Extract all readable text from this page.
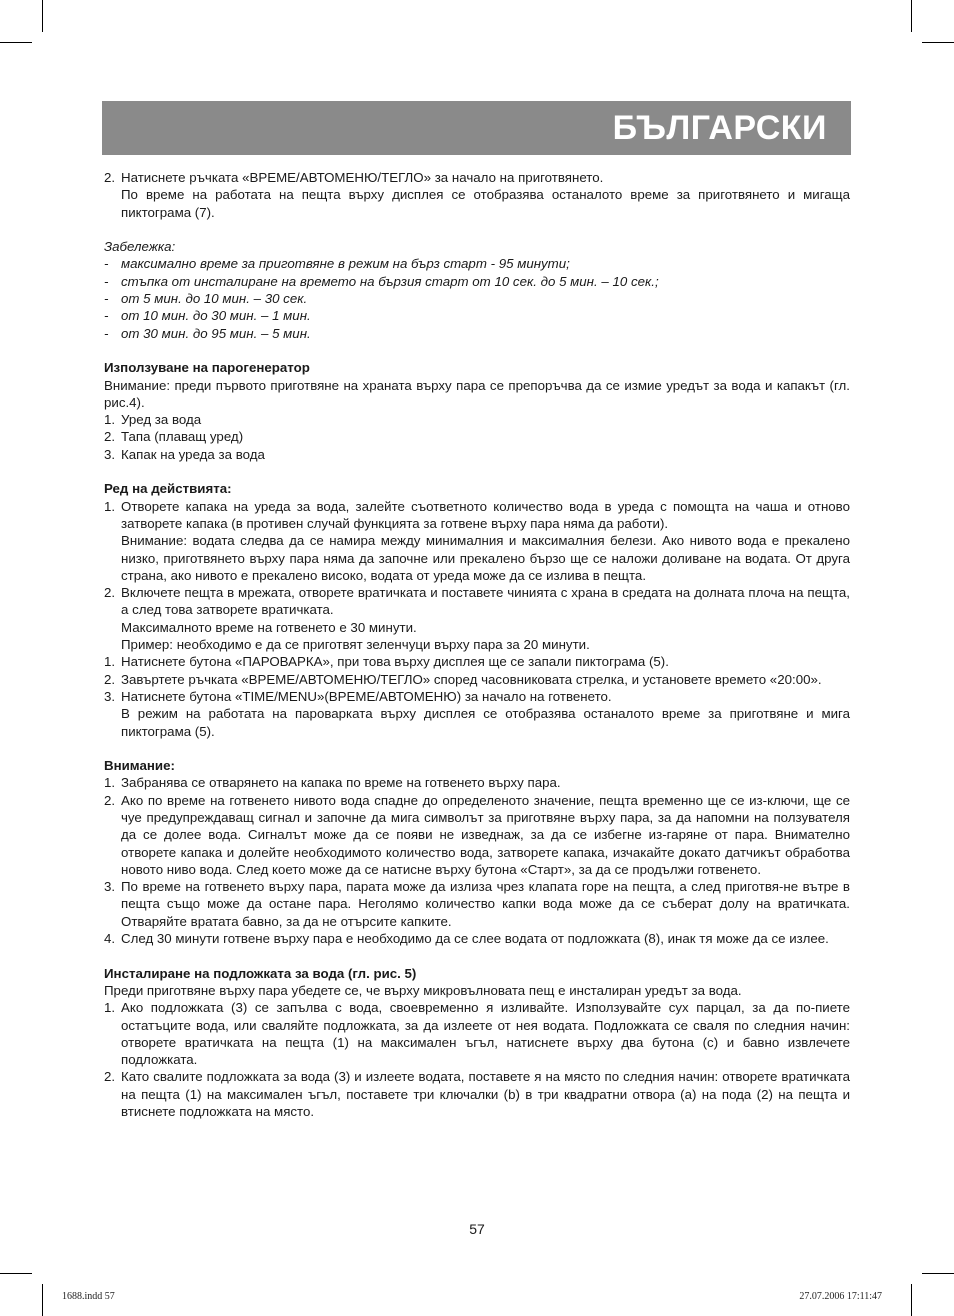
БЪЛГАРСКИ
2. Натиснете ръчката «ВРЕМЕ/АВТОМЕНЮ/ТЕГЛО» за начало на приготвянето.
По време на работата на пещта върху дисплея се отобразява останалото време за приготвянето и мигаща пиктограма (7).
Забележка:
- максимално време за приготвяне в режим на бърз старт - 95 минути;
- стъпка от инсталиране на времето на бързия старт от 10 сек. до 5 мин. – 10 сек.;
- от 5 мин. до 10 мин. – 30 сек.
- от 10 мин. до 30 мин. – 1 мин.
- от 30 мин. до 95 мин. – 5 мин.
Използуване на парогенератор
Внимание: преди първото приготвяне на храната върху пара се препоръчва да се измие уредът за вода и капакът (гл. рис.4).
1. Уред за вода
2. Тапа (плаващ уред)
3. Капак на уреда за вода
Ред на действията:
1. Отворете капака на уреда за вода, залейте съответното количество вода в уреда с помощта на чаша и отново затворете капака (в противен случай функцията за готвене върху пара няма да работи).
Внимание: водата следва да се намира между минималния и максималния белези. Ако нивото вода е прекалено низко, приготвянето върху пара няма да започне или прекалено бързо ще се наложи доливане на водата. От друга страна, ако нивото е прекалено високо, водата от уреда може да се излива в пещта.
2. Включете пещта в мрежата, отворете вратичката и поставете чинията с храна в средата на долната плоча на пещта, а след това затворете вратичката.
Максималното време на готвенето е 30 минути.
Пример: необходимо е да се приготвят зеленчуци върху пара за 20 минути.
1. Натиснете бутона «ПАРОВАРКА», при това върху дисплея ще се запали пиктограма (5).
2. Завъртете ръчката «ВРЕМЕ/АВТОМЕНЮ/ТЕГЛО» според часовниковата стрелка, и установете времето «20:00».
3. Натиснете бутона «TIME/MENU»(ВРЕМЕ/АВТОМЕНЮ) за начало на готвенето.
В режим на работата на пароварката върху дисплея се отобразява останалото време за приготвяне и мига пиктограма (5).
Внимание:
1. Забранява се отварянето на капака по време на готвенето върху пара.
2. Ако по време на готвенето нивото вода спадне до определеното значение, пещта временно ще се из-ключи, ще се чуе предупреждаващ сигнал и започне да мига символът за приготвяне върху пара, за да напомни на ползувателя да се долее вода. Сигналът може да се появи не изведнаж, за да се избегне из-гаряне от пара. Внимателно отворете капака и долейте необходимото количество вода, затворете капака, изчакайте докато датчикът обработва новото ниво вода. След което може да се натисне върху бутона «Старт», за да се продължи готвенето.
3. По време на готвенето върху пара, парата може да излиза чрез клапата горе на пещта, а след приготвя-не вътре в пещта също може да остане пара. Неголямо количество капки вода може да се съберат долу на вратичката. Отваряйте вратата бавно, за да не отърсите капките.
4. След 30 минути готвене върху пара е необходимо да се слее водата от подложката (8), инак тя може да се излее.
Инсталиране на подложката за вода (гл. рис. 5)
Преди приготвяне върху пара убедете се, че върху микровълновата пещ е инсталиран уредът за вода.
1. Ако подложката (3) се запълва с вода, своевременно я изливайте. Използувайте сух парцал, за да по-пиете остатъците вода, или сваляйте подложката, за да излеете от нея водата. Подложката се сваля по следния начин: отворете вратичката на пещта (1) на максимален ъгъл, натиснете върху два бутона (с) и бавно извлечете подложката.
2. Като свалите подложката за вода (3) и излеете водата, поставете я на място по следния начин: отворете вратичката на пещта (1) на максимален ъгъл, поставете три ключалки (b) в три квадратни отвора (а) на пода (2) на пещта и втиснете подложката на място.
57
1688.indd 57	27.07.2006 17:11:47
